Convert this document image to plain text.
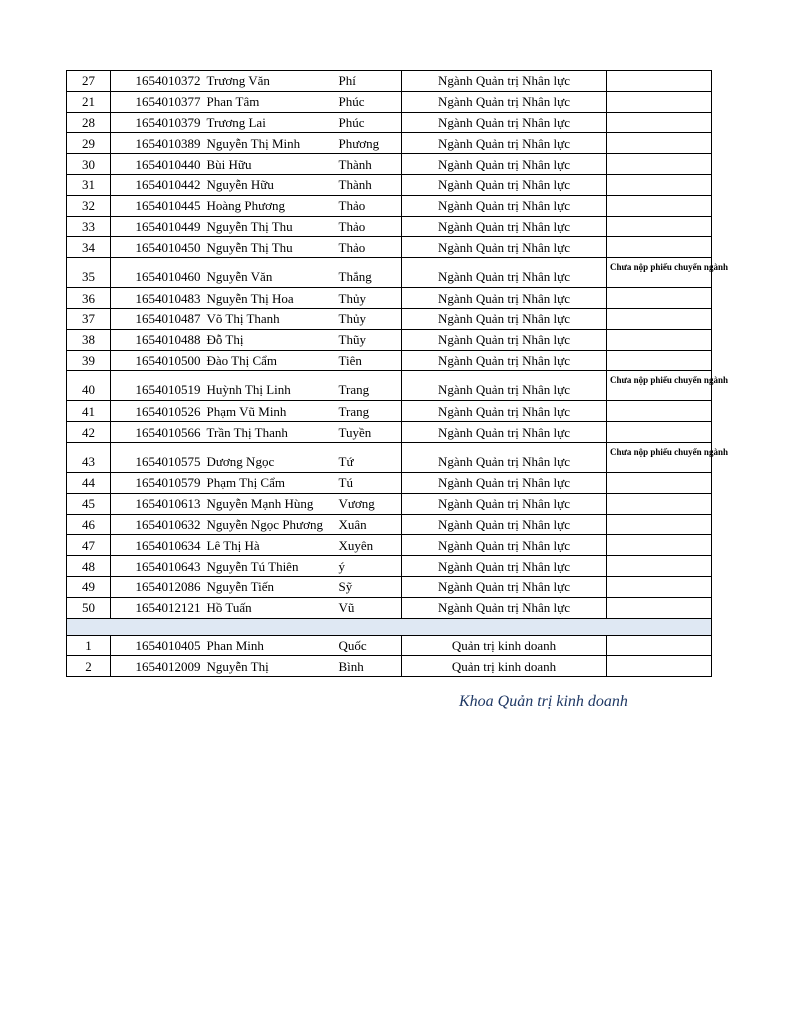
27	1654010372	Trương Văn	Phí	Ngành Quản trị Nhân lực	
21	1654010377	Phan Tâm	Phúc	Ngành Quản trị Nhân lực	
28	1654010379	Trương Lai	Phúc	Ngành Quản trị Nhân lực	
29	1654010389	Nguyễn Thị Minh	Phương	Ngành Quản trị Nhân lực	
30	1654010440	Bùi Hữu	Thành	Ngành Quản trị Nhân lực	
31	1654010442	Nguyễn Hữu	Thành	Ngành Quản trị Nhân lực	
32	1654010445	Hoàng Phương	Thảo	Ngành Quản trị Nhân lực	
33	1654010449	Nguyễn Thị Thu	Thảo	Ngành Quản trị Nhân lực	
34	1654010450	Nguyễn Thị Thu	Thảo	Ngành Quản trị Nhân lực	
35	1654010460	Nguyễn Văn	Thắng	Ngành Quản trị Nhân lực	Chưa nộp phiếu chuyển ngành
36	1654010483	Nguyễn Thị Hoa	Thủy	Ngành Quản trị Nhân lực	
37	1654010487	Võ Thị Thanh	Thủy	Ngành Quản trị Nhân lực	
38	1654010488	Đỗ Thị	Thũy	Ngành Quản trị Nhân lực	
39	1654010500	Đào Thị Cẩm	Tiên	Ngành Quản trị Nhân lực	
40	1654010519	Huỳnh Thị Linh	Trang	Ngành Quản trị Nhân lực	Chưa nộp phiếu chuyển ngành
41	1654010526	Phạm Vũ Minh	Trang	Ngành Quản trị Nhân lực	
42	1654010566	Trần Thị Thanh	Tuyền	Ngành Quản trị Nhân lực	
43	1654010575	Dương Ngọc	Tứ	Ngành Quản trị Nhân lực	Chưa nộp phiếu chuyển ngành
44	1654010579	Phạm Thị Cẩm	Tú	Ngành Quản trị Nhân lực	
45	1654010613	Nguyễn Mạnh Hùng	Vương	Ngành Quản trị Nhân lực	
46	1654010632	Nguyễn Ngọc Phương	Xuân	Ngành Quản trị Nhân lực	
47	1654010634	Lê Thị Hà	Xuyên	Ngành Quản trị Nhân lực	
48	1654010643	Nguyễn Tú Thiên	ý	Ngành Quản trị Nhân lực	
49	1654012086	Nguyễn Tiến	Sỹ	Ngành Quản trị Nhân lực	
50	1654012121	Hồ Tuấn	Vũ	Ngành Quản trị Nhân lực	

1	1654010405	Phan Minh	Quốc	Quản trị kinh doanh	
2	1654012009	Nguyễn Thị	Bình	Quản trị kinh doanh	
Khoa Quản trị kinh doanh
